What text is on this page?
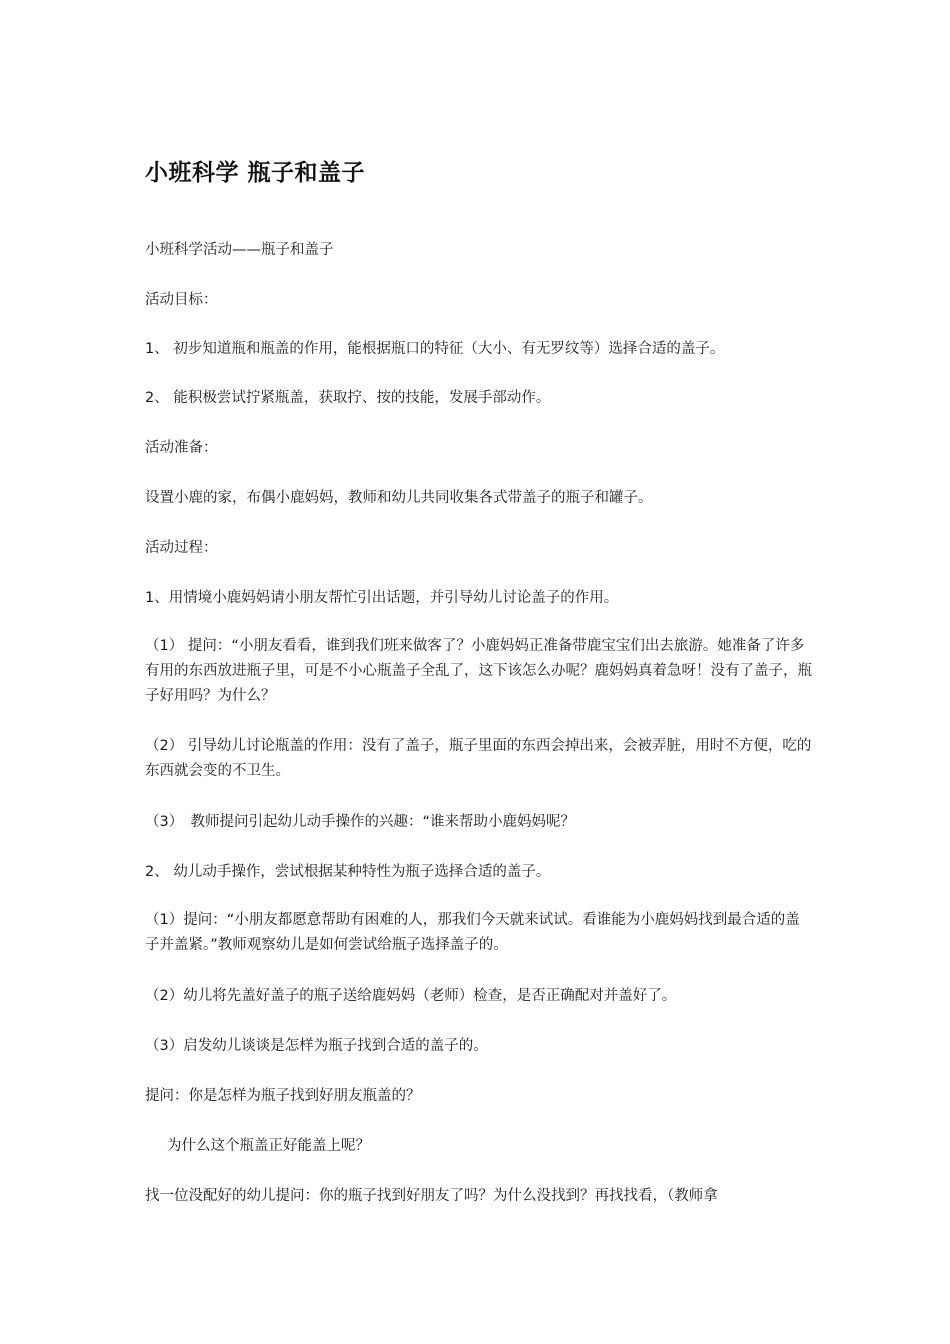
小班科学 瓶子和盖子

小班科学活动——瓶子和盖子

活动目标：

1、 初步知道瓶和瓶盖的作用，能根据瓶口的特征（大小、有无罗纹等）选择合适的盖子。

2、 能积极尝试拧紧瓶盖，获取拧、按的技能，发展手部动作。

活动准备：

设置小鹿的家，布偶小鹿妈妈，教师和幼儿共同收集各式带盖子的瓶子和罐子。

活动过程：

1、用情境小鹿妈妈请小朋友帮忙引出话题，并引导幼儿讨论盖子的作用。

（1） 提问：“小朋友看看，谁到我们班来做客了？小鹿妈妈正准备带鹿宝宝们出去旅游。她准备了许多有用的东西放进瓶子里，可是不小心瓶盖子全乱了，这下该怎么办呢？鹿妈妈真着急呀！没有了盖子，瓶子好用吗？为什么？

（2） 引导幼儿讨论瓶盖的作用：没有了盖子，瓶子里面的东西会掉出来，会被弄脏，用时不方便，吃的东西就会变的不卫生。

（3）　教师提问引起幼儿动手操作的兴趣：“谁来帮助小鹿妈妈呢？

2、 幼儿动手操作，尝试根据某种特性为瓶子选择合适的盖子。

（1）提问：“小朋友都愿意帮助有困难的人，那我们今天就来试试。看谁能为小鹿妈妈找到最合适的盖子并盖紧。”教师观察幼儿是如何尝试给瓶子选择盖子的。

（2）幼儿将先盖好盖子的瓶子送给鹿妈妈（老师）检查，是否正确配对并盖好了。

（3）启发幼儿谈谈是怎样为瓶子找到合适的盖子的。

提问：你是怎样为瓶子找到好朋友瓶盖的？

为什么这个瓶盖正好能盖上呢？

找一位没配好的幼儿提问：你的瓶子找到好朋友了吗？为什么没找到？再找找看，（教师拿
